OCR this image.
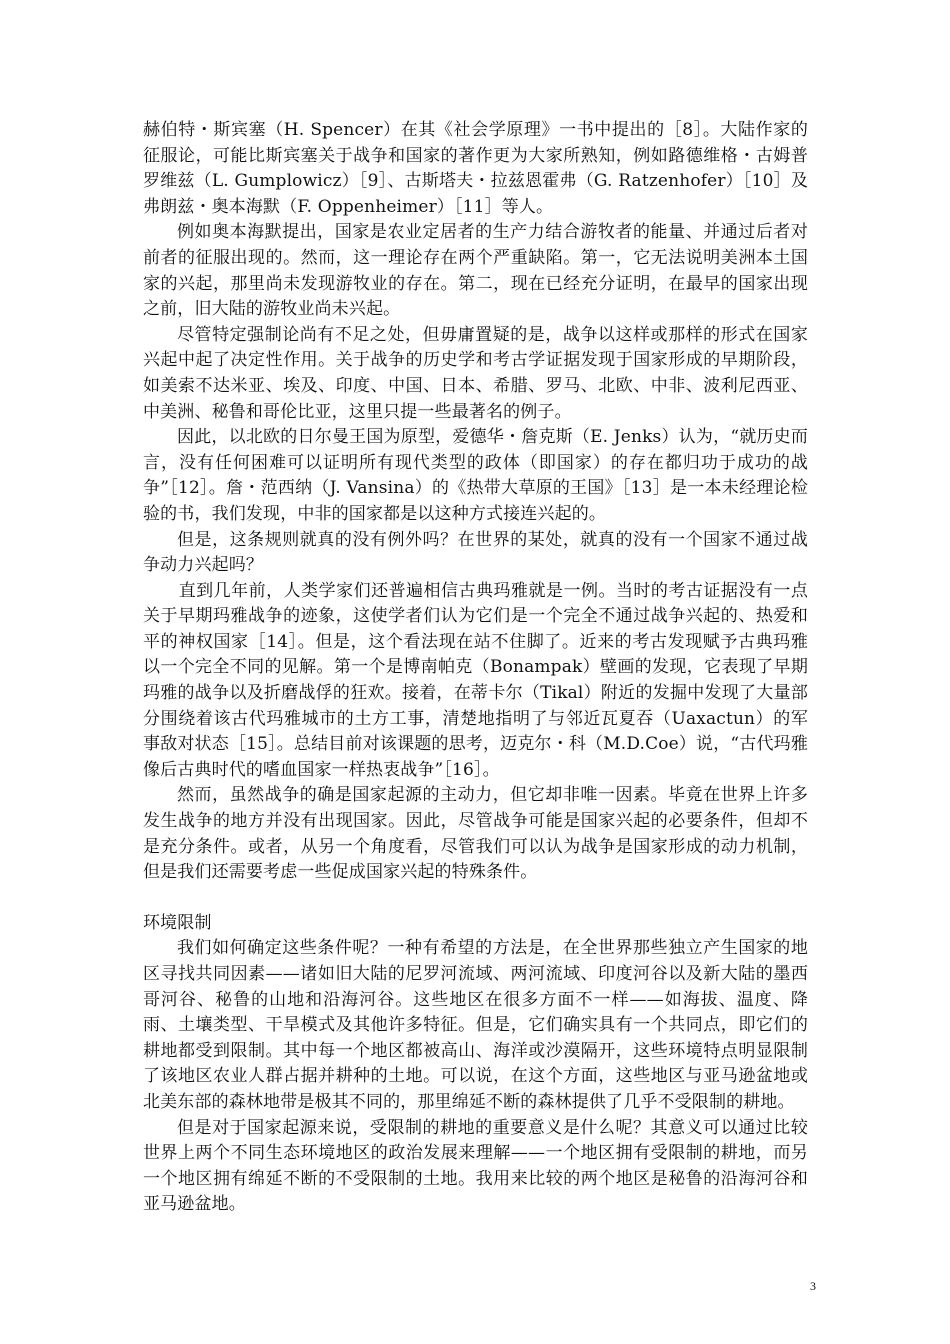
赫伯特・斯宾塞（H. Spencer）在其《社会学原理》一书中提出的［8］。大陆作家的征服论，可能比斯宾塞关于战争和国家的著作更为大家所熟知，例如路德维格・古姆普罗维兹（L. Gumplowicz）［9］、古斯塔夫・拉兹恩霍弗（G. Ratzenhofer）［10］及弗朗兹・奥本海默（F. Oppenheimer）［11］等人。

例如奥本海默提出，国家是农业定居者的生产力结合游牧者的能量、并通过后者对前者的征服出现的。然而，这一理论存在两个严重缺陷。第一，它无法说明美洲本土国家的兴起，那里尚未发现游牧业的存在。第二，现在已经充分证明，在最早的国家出现之前，旧大陆的游牧业尚未兴起。

尽管特定强制论尚有不足之处，但毋庸置疑的是，战争以这样或那样的形式在国家兴起中起了决定性作用。关于战争的历史学和考古学证据发现于国家形成的早期阶段，如美索不达米亚、埃及、印度、中国、日本、希腊、罗马、北欧、中非、波利尼西亚、中美洲、秘鲁和哥伦比亚，这里只提一些最著名的例子。

因此，以北欧的日尔曼王国为原型，爱德华・詹克斯（E. Jenks）认为，“就历史而言，没有任何困难可以证明所有现代类型的政体（即国家）的存在都归功于成功的战争”［12］。詹・范西纳（J. Vansina）的《热带大草原的王国》［13］是一本未经理论检验的书，我们发现，中非的国家都是以这种方式接连兴起的。

但是，这条规则就真的没有例外吗？在世界的某处，就真的没有一个国家不通过战争动力兴起吗？

直到几年前，人类学家们还普遍相信古典玛雅就是一例。当时的考古证据没有一点关于早期玛雅战争的迹象，这使学者们认为它们是一个完全不通过战争兴起的、热爱和平的神权国家［14］。但是，这个看法现在站不住脚了。近来的考古发现赋予古典玛雅以一个完全不同的见解。第一个是博南帕克（Bonampak）壁画的发现，它表现了早期玛雅的战争以及折磨战俘的狂欢。接着，在蒂卡尔（Tikal）附近的发掘中发现了大量部分围绕着该古代玛雅城市的土方工事，清楚地指明了与邻近瓦夏吞（Uaxactun）的军事敌对状态［15］。总结目前对该课题的思考，迈克尔・科（M.D.Coe）说，“古代玛雅像后古典时代的嗜血国家一样热衷战争”［16］。

然而，虽然战争的确是国家起源的主动力，但它却非唯一因素。毕竟在世界上许多发生战争的地方并没有出现国家。因此，尽管战争可能是国家兴起的必要条件，但却不是充分条件。或者，从另一个角度看，尽管我们可以认为战争是国家形成的动力机制，但是我们还需要考虑一些促成国家兴起的特殊条件。

环境限制

我们如何确定这些条件呢？一种有希望的方法是，在全世界那些独立产生国家的地区寻找共同因素——诸如旧大陆的尼罗河流域、两河流域、印度河谷以及新大陆的墨西哥河谷、秘鲁的山地和沿海河谷。这些地区在很多方面不一样——如海拔、温度、降雨、土壤类型、干旱模式及其他许多特征。但是，它们确实具有一个共同点，即它们的耕地都受到限制。其中每一个地区都被高山、海洋或沙漠隔开，这些环境特点明显限制了该地区农业人群占据并耕种的土地。可以说，在这个方面，这些地区与亚马逊盆地或北美东部的森林地带是极其不同的，那里绵延不断的森林提供了几乎不受限制的耕地。

但是对于国家起源来说，受限制的耕地的重要意义是什么呢？其意义可以通过比较世界上两个不同生态环境地区的政治发展来理解——一个地区拥有受限制的耕地，而另一个地区拥有绵延不断的不受限制的土地。我用来比较的两个地区是秘鲁的沿海河谷和亚马逊盆地。

3
